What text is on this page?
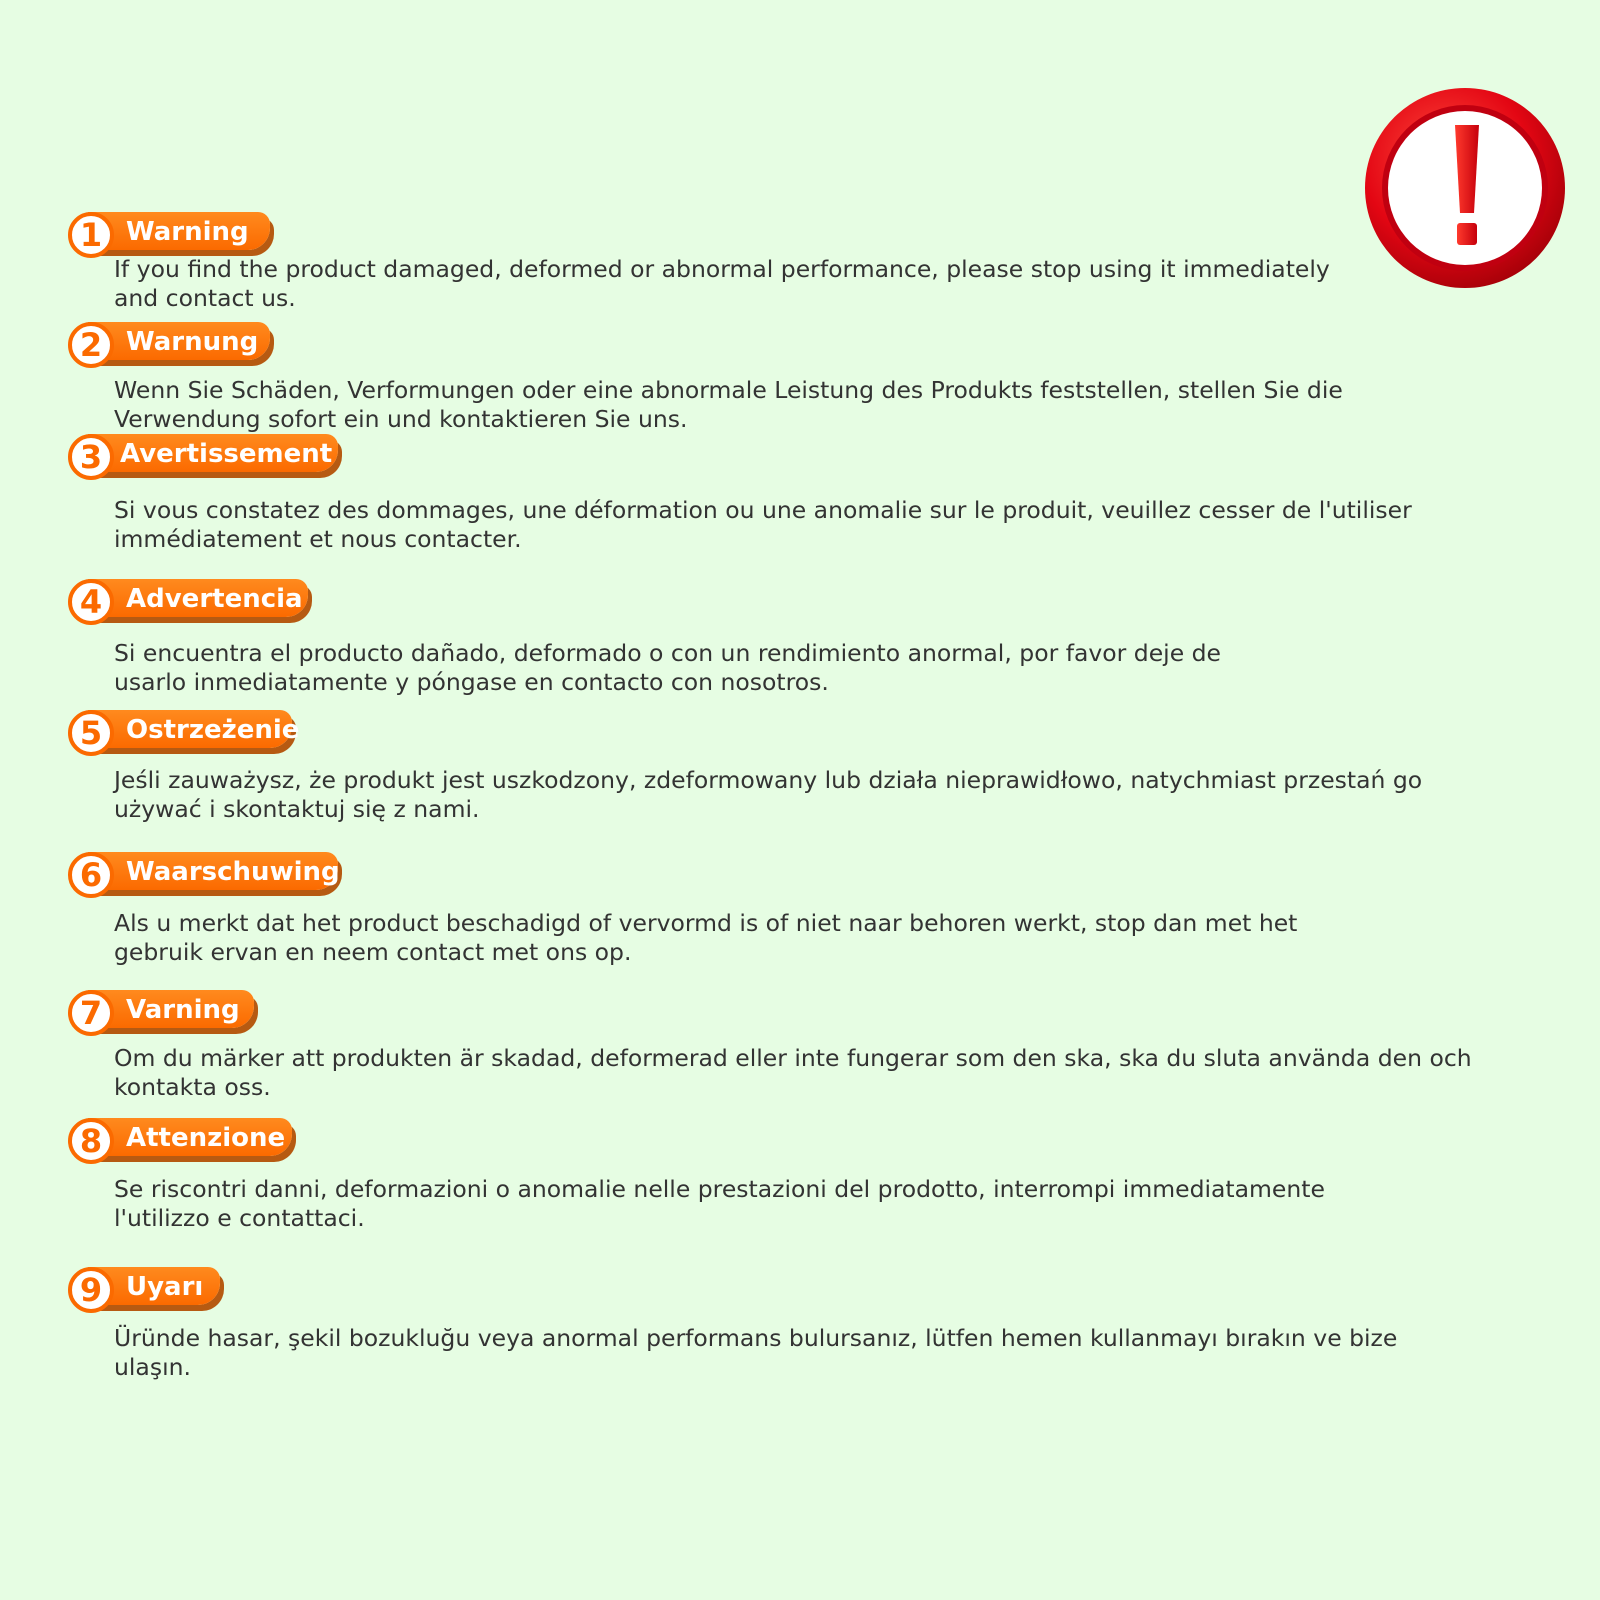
1 Warning
If you find the product damaged, deformed or abnormal performance, please stop using it immediately and contact us.
2 Warnung
Wenn Sie Schäden, Verformungen oder eine abnormale Leistung des Produkts feststellen, stellen Sie die Verwendung sofort ein und kontaktieren Sie uns.
3 Avertissement
Si vous constatez des dommages, une déformation ou une anomalie sur le produit, veuillez cesser de l'utiliser immédiatement et nous contacter.
4 Advertencia
Si encuentra el producto dañado, deformado o con un rendimiento anormal, por favor deje de usarlo inmediatamente y póngase en contacto con nosotros.
5 Ostrzeżenie
Jeśli zauważysz, że produkt jest uszkodzony, zdeformowany lub działa nieprawidłowo, natychmiast przestań go używać i skontaktuj się z nami.
6 Waarschuwing
Als u merkt dat het product beschadigd of vervormd is of niet naar behoren werkt, stop dan met het gebruik ervan en neem contact met ons op.
7 Varning
Om du märker att produkten är skadad, deformerad eller inte fungerar som den ska, ska du sluta använda den och kontakta oss.
8 Attenzione
Se riscontri danni, deformazioni o anomalie nelle prestazioni del prodotto, interrompi immediatamente l'utilizzo e contattaci.
9 Uyarı
Üründe hasar, şekil bozukluğu veya anormal performans bulursanız, lütfen hemen kullanmayı bırakın ve bize ulaşın.
